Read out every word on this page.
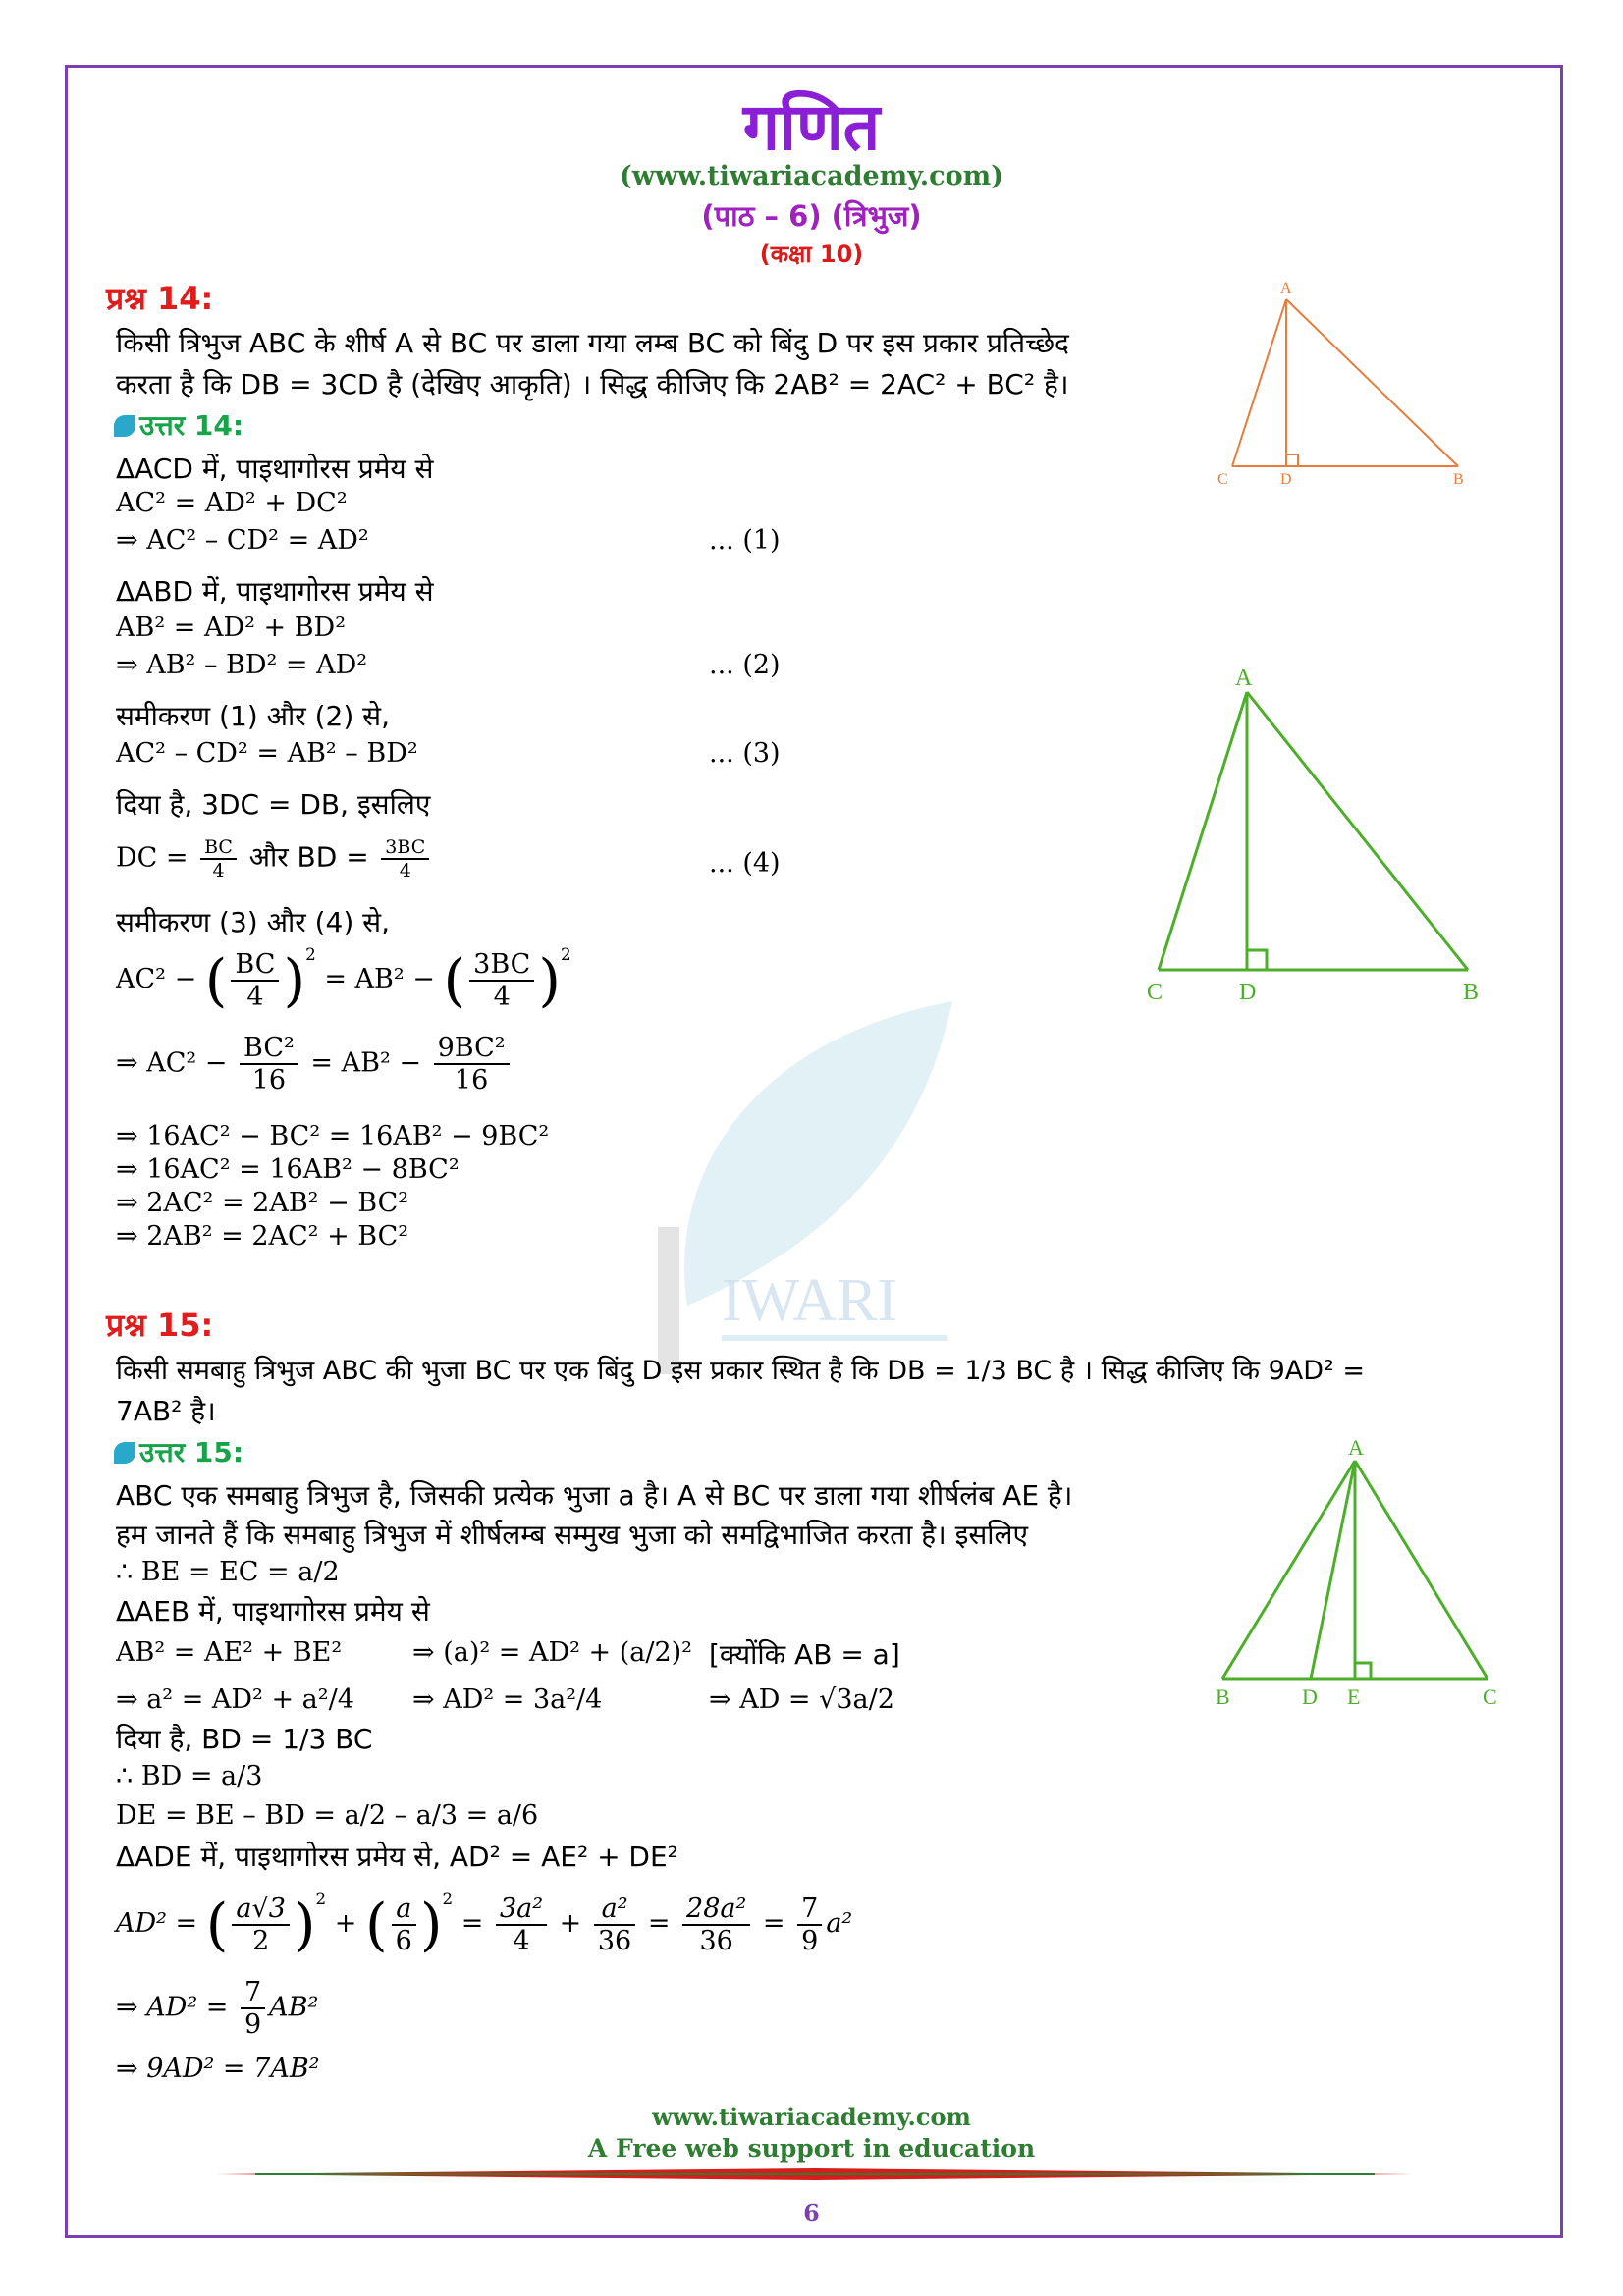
IWARI
गणित
(www.tiwariacademy.com)
(पाठ – 6) (त्रिभुज)
(कक्षा 10)
प्रश्न 14:
किसी त्रिभुज ABC के शीर्ष A से BC पर डाला गया लम्ब BC को बिंदु D पर इस प्रकार प्रतिच्छेद
करता है कि DB = 3CD है (देखिए आकृति) । सिद्ध कीजिए कि 2AB² = 2AC² + BC² है।
उत्तर 14:
ΔACD में, पाइथागोरस प्रमेय से
AC² = AD² + DC²
⇒ AC² – CD² = AD²	... (1)
ΔABD में, पाइथागोरस प्रमेय से
AB² = AD² + BD²
⇒ AB² – BD² = AD²	... (2)
समीकरण (1) और (2) से,
AC² – CD² = AB² – BD²	... (3)
दिया है, 3DC = DB, इसलिए
DC = $\frac{BC}{4}$ और BD = $\frac{3BC}{4}$	... (4)
समीकरण (3) और (4) से,
AC² − ( $\frac{BC}{4} )^2 = AB^2$ − ( $\frac{3BC}{4} )^2$
⇒ $AC^2 - \frac{\text{BC²}}{16} = AB^2 - \frac{\text{9BC²}}{16}$
⇒ 16AC² − BC² = 16AB² − 9BC²
⇒ 16AC² = 16AB² − 8BC²
⇒ 2AC² = 2AB² − BC²
⇒ 2AB² = 2AC² + BC²
A
C	D	B
A
C	D	B
प्रश्न 15:
किसी समबाहु त्रिभुज ABC की भुजा BC पर एक बिंदु D इस प्रकार स्थित है कि DB = 1/3 BC है । सिद्ध कीजिए कि 9AD² =
7AB² है।
उत्तर 15:
ABC एक समबाहु त्रिभुज है, जिसकी प्रत्येक भुजा a है। A से BC पर डाला गया शीर्षलंब AE है।
हम जानते हैं कि समबाहु त्रिभुज में शीर्षलम्ब सम्मुख भुजा को समद्विभाजित करता है। इसलिए
∴ BE = EC = a/2
ΔAEB में, पाइथागोरस प्रमेय से
AB² = AE² + BE²	⇒ (a)² = AD² + (a/2)² [क्योंकि AB = a]
⇒ a² = AD² + a²/4 ⇒ AD² = 3a²/4	⇒ AD = √3a/2
दिया है, BD = 1/3 BC
∴ BD = a/3
DE = BE – BD = a/2 – a/3 = a/6
ΔADE में, पाइथागोरस प्रमेय से, AD² = AE² + DE²
AD² = ( $\frac{a√3}{2} )^2$ + ( $\frac{a}{6} )^2 = \frac{\text{3a²}}{4} + \frac{\text{a²}}{36} = \frac{\text{28a²}}{36} = \frac{7}{9} a^2$
⇒ $AD^2 = \frac{7}{9} AB^2$
⇒ 9AD² = 7AB²
A
B	D E	C
www.tiwariacademy.com
A Free web support in education
6
